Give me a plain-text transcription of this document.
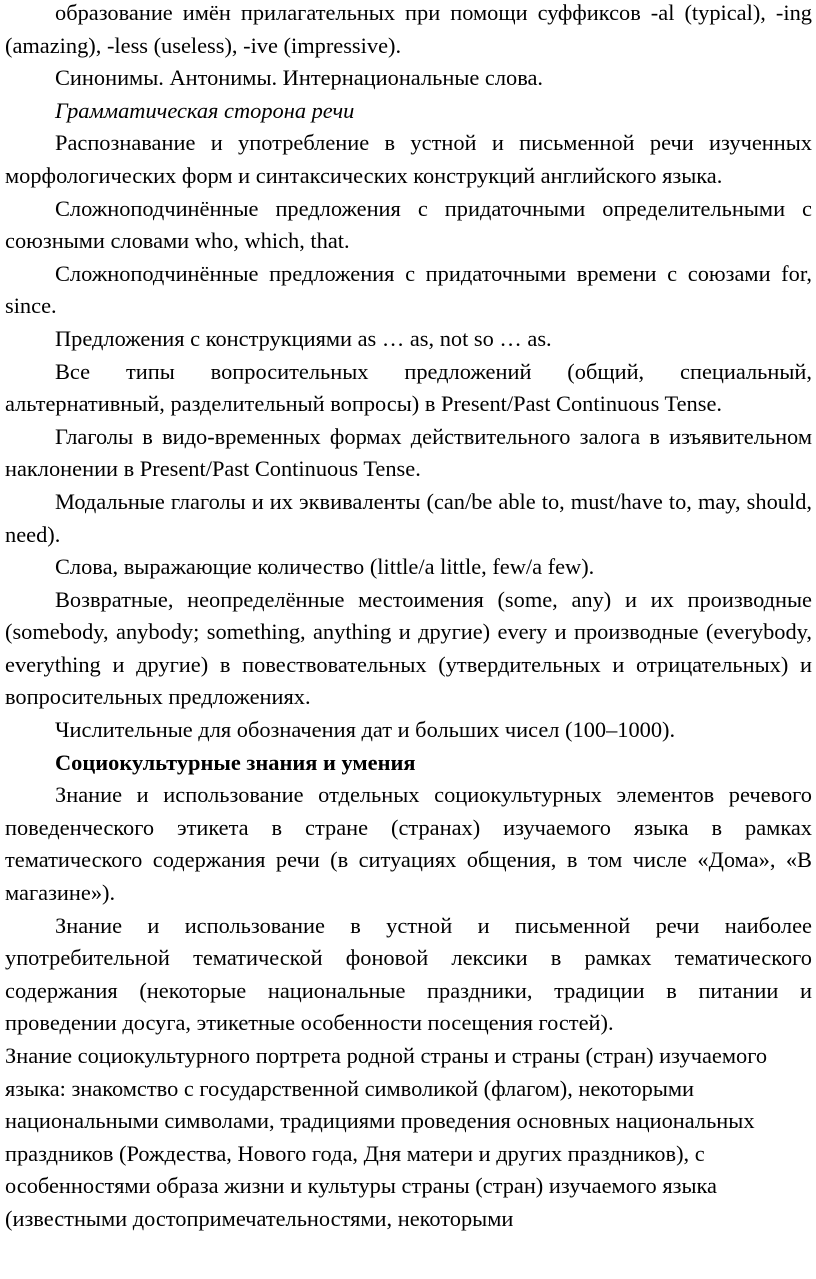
образование имён прилагательных при помощи суффиксов -al (typical), -ing (amazing), -less (useless), -ive (impressive).

Синонимы. Антонимы. Интернациональные слова.

Грамматическая сторона речи

Распознавание и употребление в устной и письменной речи изученных морфологических форм и синтаксических конструкций английского языка.

Сложноподчинённые предложения с придаточными определительными с союзными словами who, which, that.

Сложноподчинённые предложения с придаточными времени с союзами for, since.

Предложения с конструкциями as … as, not so … as.

Все типы вопросительных предложений (общий, специальный, альтернативный, разделительный вопросы) в Present/Past Continuous Tense.

Глаголы в видо-временных формах действительного залога в изъявительном наклонении в Present/Past Continuous Tense.

Модальные глаголы и их эквиваленты (can/be able to, must/have to, may, should, need).

Слова, выражающие количество (little/a little, few/a few).

Возвратные, неопределённые местоимения (some, any) и их производные (somebody, anybody; something, anything и другие) every и производные (everybody, everything и другие) в повествовательных (утвердительных и отрицательных) и вопросительных предложениях.

Числительные для обозначения дат и больших чисел (100–1000).

Социокультурные знания и умения

Знание и использование отдельных социокультурных элементов речевого поведенческого этикета в стране (странах) изучаемого языка в рамках тематического содержания речи (в ситуациях общения, в том числе «Дома», «В магазине»).

Знание и использование в устной и письменной речи наиболее употребительной тематической фоновой лексики в рамках тематического содержания (некоторые национальные праздники, традиции в питании и проведении досуга, этикетные особенности посещения гостей).

Знание социокультурного портрета родной страны и страны (стран) изучаемого языка: знакомство с государственной символикой (флагом), некоторыми национальными символами, традициями проведения основных национальных праздников (Рождества, Нового года, Дня матери и других праздников), с особенностями образа жизни и культуры страны (стран) изучаемого языка (известными достопримечательностями, некоторыми
